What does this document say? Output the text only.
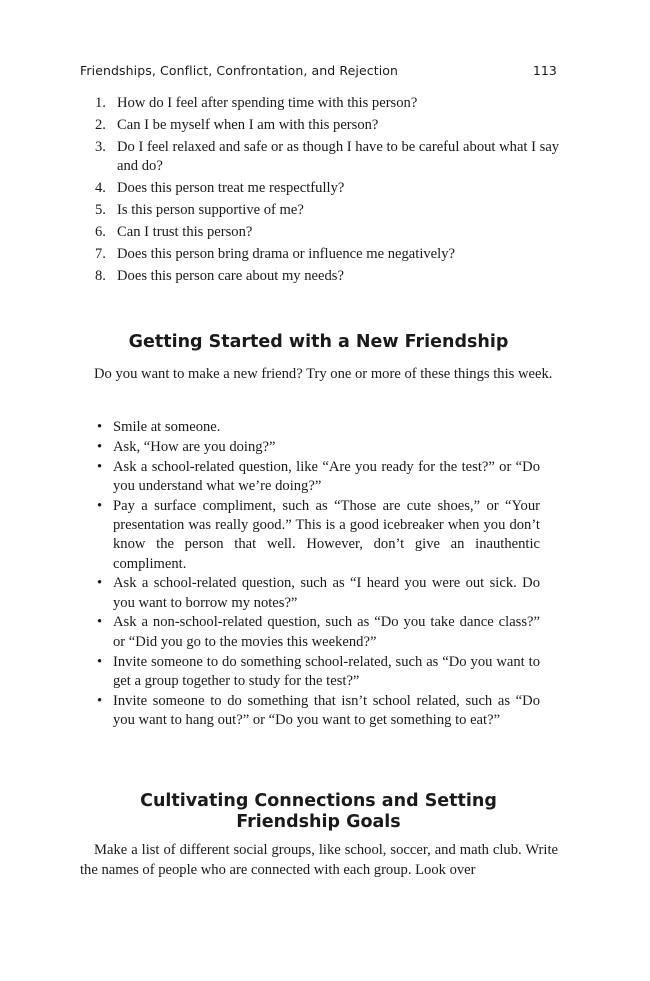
Friendships, Conflict, Confrontation, and Rejection	113
1. How do I feel after spending time with this person?
2. Can I be myself when I am with this person?
3. Do I feel relaxed and safe or as though I have to be careful about what I say and do?
4. Does this person treat me respectfully?
5. Is this person supportive of me?
6. Can I trust this person?
7. Does this person bring drama or influence me negatively?
8. Does this person care about my needs?
Getting Started with a New Friendship

Do you want to make a new friend? Try one or more of these things this week.

• Smile at someone.
• Ask, “How are you doing?”
• Ask a school-related question, like “Are you ready for the test?” or “Do you understand what we’re doing?”
• Pay a surface compliment, such as “Those are cute shoes,” or “Your presentation was really good.” This is a good icebreaker when you don’t know the person that well. However, don’t give an inauthentic compliment.
• Ask a school-related question, such as “I heard you were out sick. Do you want to borrow my notes?”
• Ask a non-school-related question, such as “Do you take dance class?” or “Did you go to the movies this weekend?”
• Invite someone to do something school-related, such as “Do you want to get a group together to study for the test?”
• Invite someone to do something that isn’t school related, such as “Do you want to hang out?” or “Do you want to get something to eat?”
Cultivating Connections and Setting
Friendship Goals

Make a list of different social groups, like school, soccer, and math club. Write the names of people who are connected with each group. Look over
